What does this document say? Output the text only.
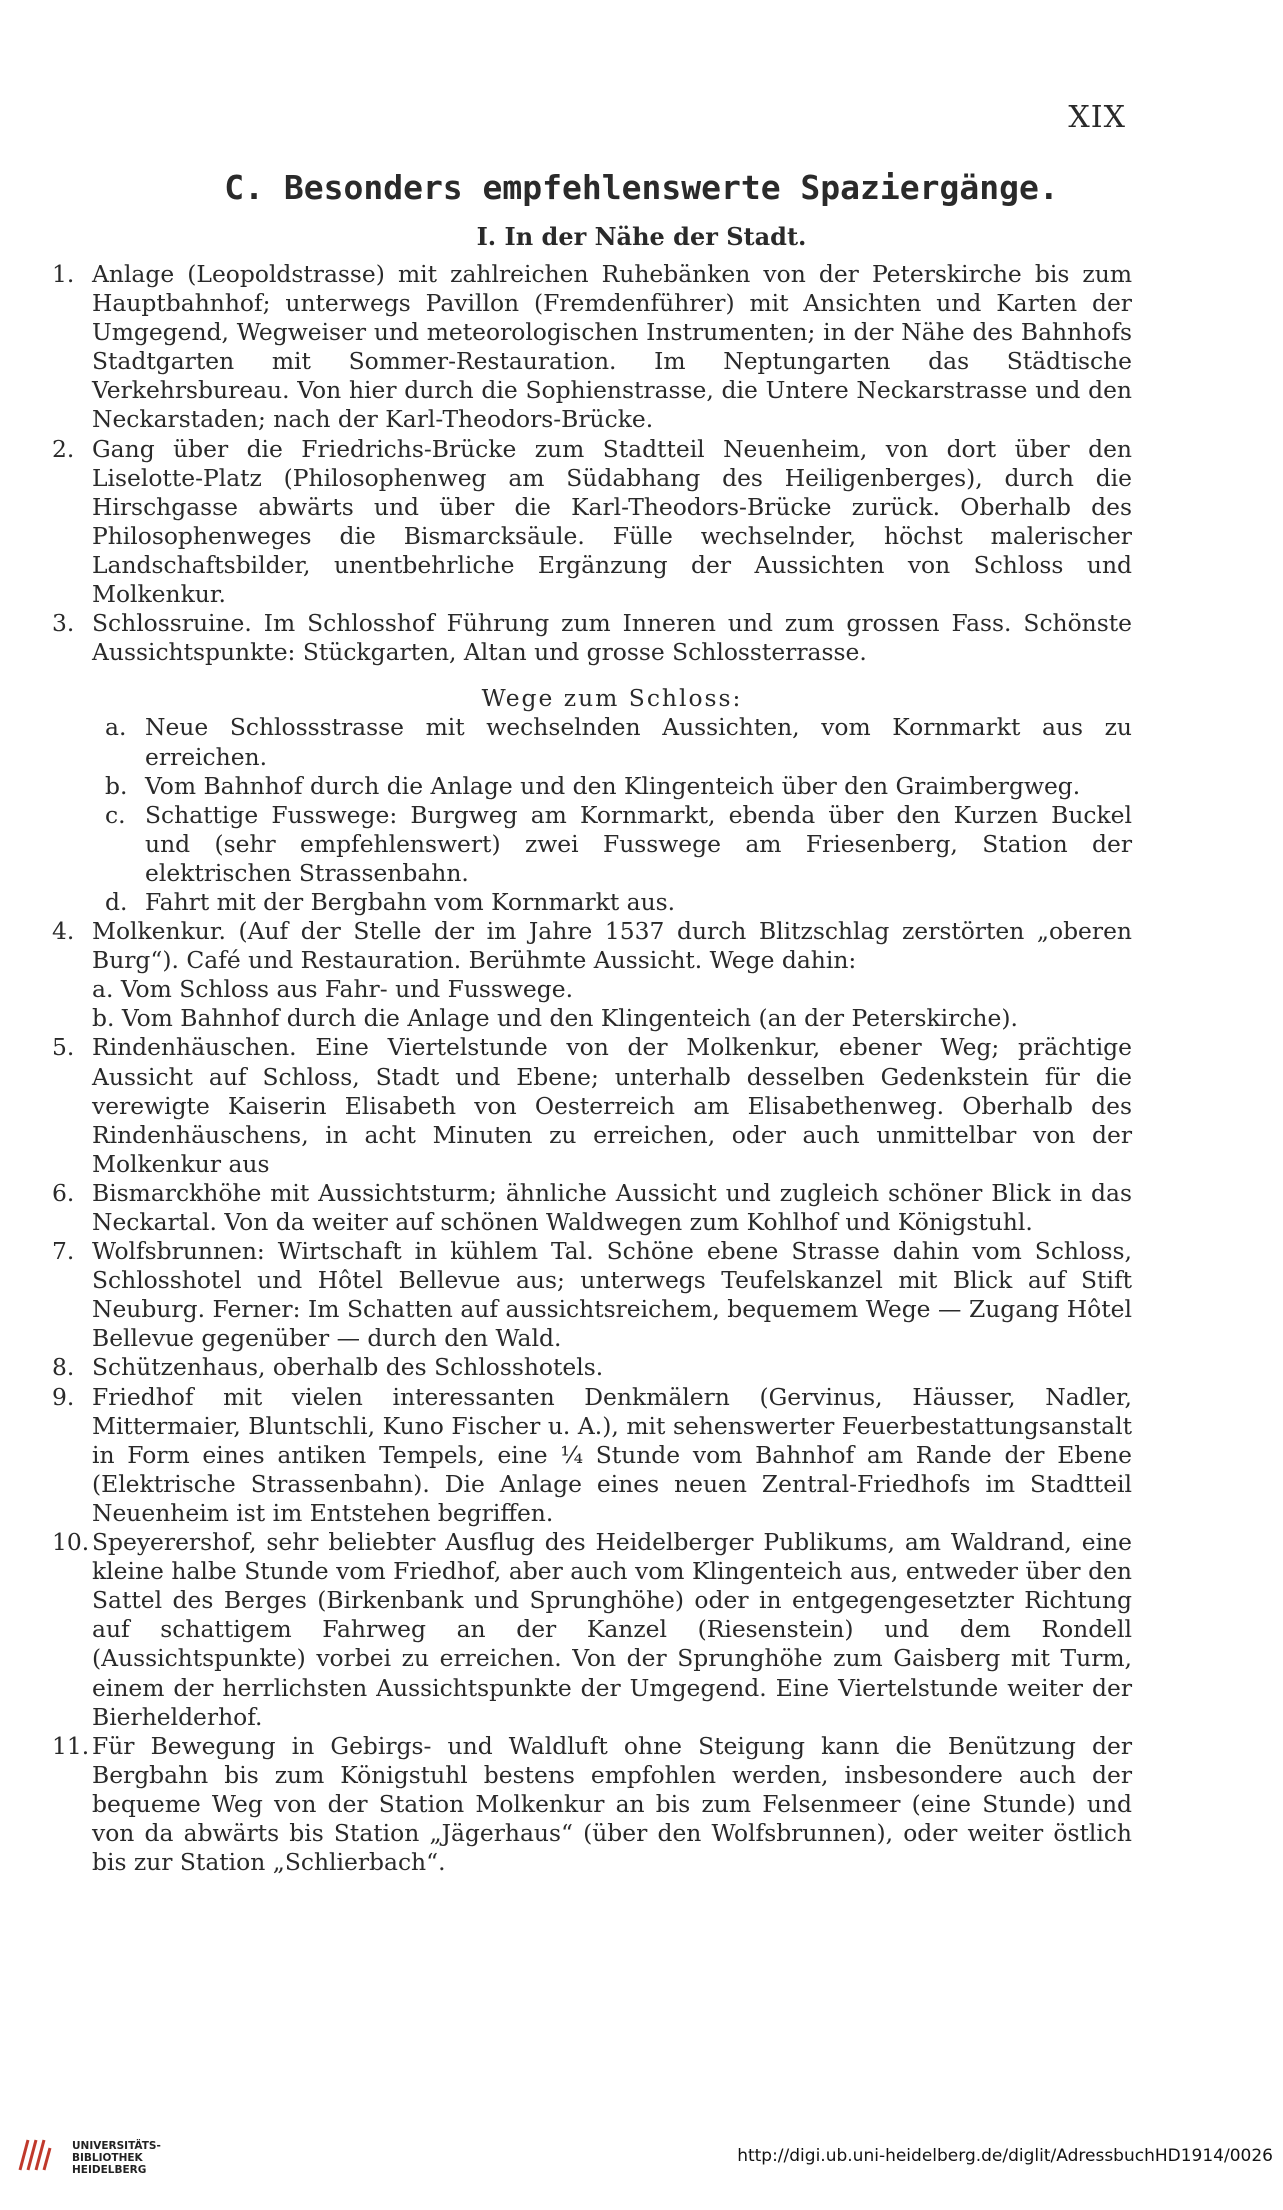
XIX
C. Besonders empfehlenswerte Spaziergänge.
I. In der Nähe der Stadt.
1. Anlage (Leopoldstrasse) mit zahlreichen Ruhebänken von der Peterskirche bis zum Hauptbahnhof; unterwegs Pavillon (Fremdenführer) mit Ansichten und Karten der Umgegend, Wegweiser und meteorologischen Instrumenten; in der Nähe des Bahnhofs Stadtgarten mit Sommer-Restauration. Im Neptungarten das Städtische Verkehrsbureau. Von hier durch die Sophienstrasse, die Untere Neckarstrasse und den Neckarstaden; nach der Karl-Theodors-Brücke.
2. Gang über die Friedrichs-Brücke zum Stadtteil Neuenheim, von dort über den Liselotte-Platz (Philosophenweg am Südabhang des Heiligenberges), durch die Hirschgasse abwärts und über die Karl-Theodors-Brücke zurück. Oberhalb des Philosophenweges die Bismarcksäule. Fülle wechselnder, höchst malerischer Landschaftsbilder, unentbehrliche Ergänzung der Aussichten von Schloss und Molkenkur.
3. Schlossruine. Im Schlosshof Führung zum Inneren und zum grossen Fass. Schönste Aussichtspunkte: Stückgarten, Altan und grosse Schlossterrasse.
Wege zum Schloss:
a. Neue Schlossstrasse mit wechselnden Aussichten, vom Kornmarkt aus zu erreichen.
b. Vom Bahnhof durch die Anlage und den Klingenteich über den Graimbergweg.
c. Schattige Fusswege: Burgweg am Kornmarkt, ebenda über den Kurzen Buckel und (sehr empfehlenswert) zwei Fusswege am Friesenberg, Station der elektrischen Strassenbahn.
d. Fahrt mit der Bergbahn vom Kornmarkt aus.
4. Molkenkur. (Auf der Stelle der im Jahre 1537 durch Blitzschlag zerstörten „oberen Burg“). Café und Restauration. Berühmte Aussicht. Wege dahin:
a. Vom Schloss aus Fahr- und Fusswege.
b. Vom Bahnhof durch die Anlage und den Klingenteich (an der Peterskirche).
5. Rindenhäuschen. Eine Viertelstunde von der Molkenkur, ebener Weg; prächtige Aussicht auf Schloss, Stadt und Ebene; unterhalb desselben Gedenkstein für die verewigte Kaiserin Elisabeth von Oesterreich am Elisabethenweg. Oberhalb des Rindenhäuschens, in acht Minuten zu erreichen, oder auch unmittelbar von der Molkenkur aus
6. Bismarckhöhe mit Aussichtsturm; ähnliche Aussicht und zugleich schöner Blick in das Neckartal. Von da weiter auf schönen Waldwegen zum Kohlhof und Königstuhl.
7. Wolfsbrunnen: Wirtschaft in kühlem Tal. Schöne ebene Strasse dahin vom Schloss, Schlosshotel und Hôtel Bellevue aus; unterwegs Teufelskanzel mit Blick auf Stift Neuburg. Ferner: Im Schatten auf aussichtsreichem, bequemem Wege — Zugang Hôtel Bellevue gegenüber — durch den Wald.
8. Schützenhaus, oberhalb des Schlosshotels.
9. Friedhof mit vielen interessanten Denkmälern (Gervinus, Häusser, Nadler, Mittermaier, Bluntschli, Kuno Fischer u. A.), mit sehenswerter Feuerbestattungsanstalt in Form eines antiken Tempels, eine ¼ Stunde vom Bahnhof am Rande der Ebene (Elektrische Strassenbahn). Die Anlage eines neuen Zentral-Friedhofs im Stadtteil Neuenheim ist im Entstehen begriffen.
10. Speyerershof, sehr beliebter Ausflug des Heidelberger Publikums, am Waldrand, eine kleine halbe Stunde vom Friedhof, aber auch vom Klingenteich aus, entweder über den Sattel des Berges (Birkenbank und Sprunghöhe) oder in entgegengesetzter Richtung auf schattigem Fahrweg an der Kanzel (Riesenstein) und dem Rondell (Aussichtspunkte) vorbei zu erreichen. Von der Sprunghöhe zum Gaisberg mit Turm, einem der herrlichsten Aussichtspunkte der Umgegend. Eine Viertelstunde weiter der Bierhelderhof.
11. Für Bewegung in Gebirgs- und Waldluft ohne Steigung kann die Benützung der Bergbahn bis zum Königstuhl bestens empfohlen werden, insbesondere auch der bequeme Weg von der Station Molkenkur an bis zum Felsenmeer (eine Stunde) und von da abwärts bis Station „Jägerhaus“ (über den Wolfsbrunnen), oder weiter östlich bis zur Station „Schlierbach“.
UNIVERSITÄTS-
BIBLIOTHEK
HEIDELBERG
http://digi.ub.uni-heidelberg.de/diglit/AdressbuchHD1914/0026
